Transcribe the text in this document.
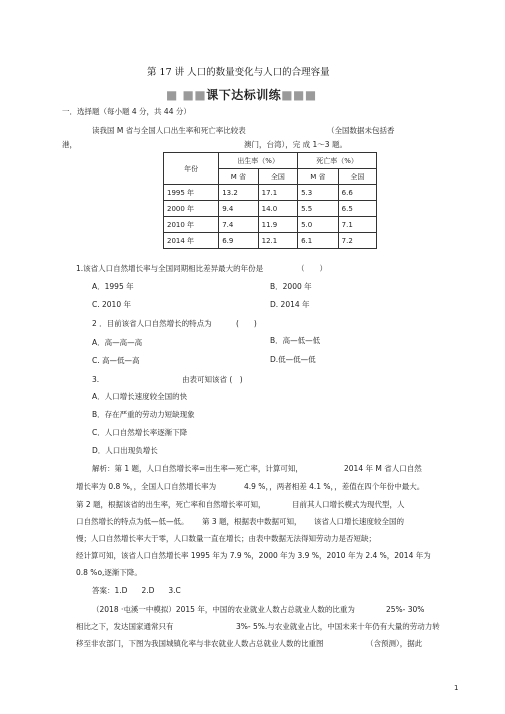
第 17 讲 人口的数量变化与人口的合理容量
■ ■■课下达标训练■■■
一．选择题（每小题 4 分，共 44 分）
读我国 M 省与全国人口出生率和死亡率比较表	（全国数据未包括香
港，	澳门，台湾），完 成 1～3 题。
年份	出生率（%）		死亡率（%）	
	M 省	全国	M 省	全国
1995 年	13.2	17.1	5.3	6.6
2000 年	9.4	14.0	5.5	6.5
2010 年	7.4	11.9	5.0	7.1
2014 年	6.9	12.1	6.1	7.2
1.该省人口自然增长率与全国同期相比差异最大的年份是	（　　）
A．1995 年	B．2000 年
C. 2010 年	D. 2014 年
2 ．目前该省人口自然增长的特点为	(　　)
A．高—高—高	B．高—低—低
C. 高—低—高	D.低—低—低
3.	由表可知该省 (　)
A．人口增长速度较全国的快
B．存在严重的劳动力短缺现象
C．人口自然增长率逐渐下降
D．人口出现负增长
解析：第 1 题，人口自然增长率=出生率—死亡率，计算可知，	2014 年 M 省人口自然
增长率为 0.8 %，，全国人口自然增长率为	4.9 %，，两者相差 4.1 %，，差值在四个年份中最大。
第 2 题，根据该省的出生率，死亡率和自然增长率可知，	目前其人口增长模式为现代型，人
口自然增长的特点为低—低—低。 第 3 题，根据表中数据可知， 该省人口增长速度较全国的
慢；人口自然增长率大于零，人口数量一直在增长；由表中数据无法得知劳动力是否短缺；
经计算可知，该省人口自然增长率 1995 年为 7.9 %，2000 年为 3.9 %，2010 年为 2.4 %，2014 年为
0.8 %o,逐渐下降。
答案：1.D 2.D 3.C
（2018 ·屯溪一中模拟）2015 年，中国的农业就业人数占总就业人数的比重为	25%- 30%
相比之下，发达国家通常只有	3%- 5%.与农业就业占比，中国未来十年仍有大量的劳动力转
移至非农部门，下图为我国城镇化率与非农就业人数占总就业人数的比重图	（含预测），据此
1
